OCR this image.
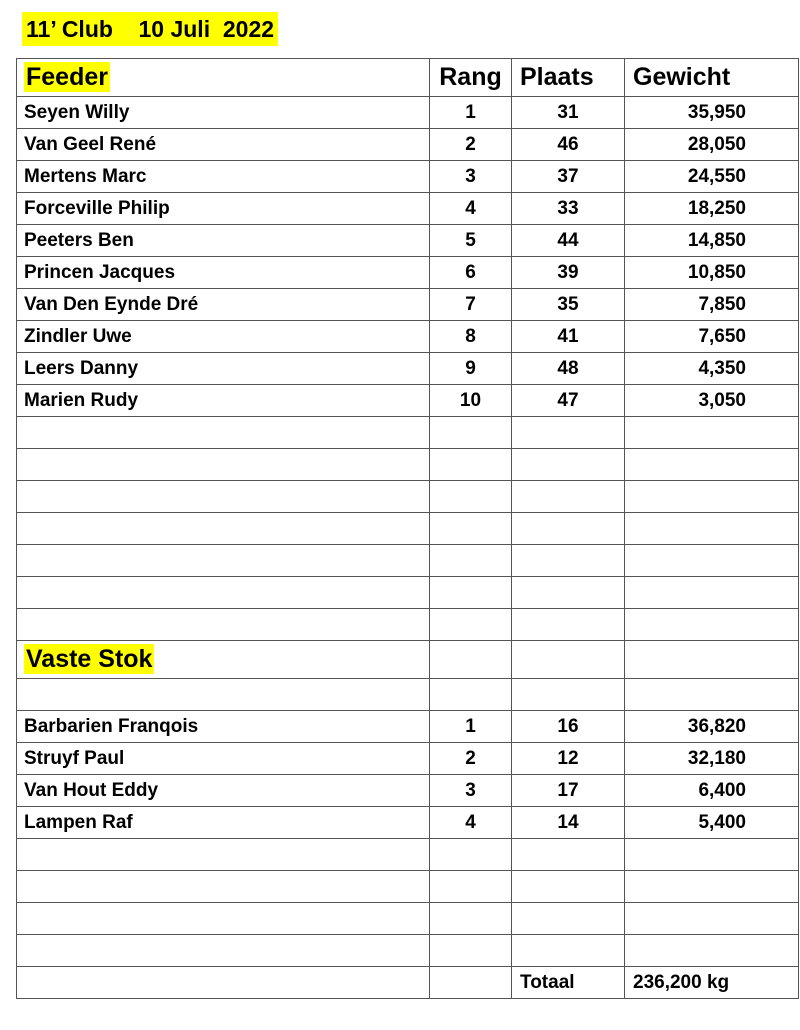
11’ Club    10 Juli  2022
Feeder	Rang	Plaats	Gewicht
Seyen Willy	1	31	35,950
Van Geel René	2	46	28,050
Mertens Marc	3	37	24,550
Forceville Philip	4	33	18,250
Peeters Ben	5	44	14,850
Princen Jacques	6	39	10,850
Van Den Eynde Dré	7	35	7,850
Zindler Uwe	8	41	7,650
Leers Danny	9	48	4,350
Marien Rudy	10	47	3,050

Vaste Stok			

Barbarien Franqois	1	16	36,820
Struyf Paul	2	12	32,180
Van Hout Eddy	3	17	6,400
Lampen Raf	4	14	5,400

		Totaal	236,200 kg
